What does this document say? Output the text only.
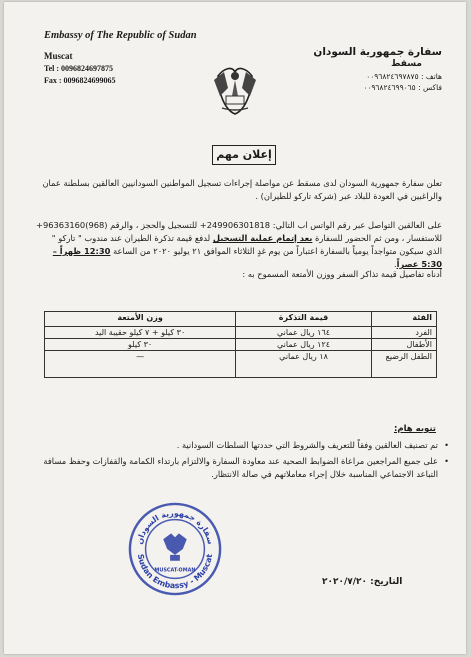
Embassy of The Republic of Sudan
Muscat
Tel : 0096824697875
Fax : 0096824699065
سفارة جمهورية السودان
مسقط
هاتف : ٠٠٩٦٨٢٤٦٩٧٨٧٥
فاكس : ٠٠٩٦٨٢٤٦٩٩٠٦٥
إعلان مهم
تعلن سفارة جمهورية السودان لدى مسقط عن مواصلة إجراءات تسجيل المواطنين السودانيين العالقين بسلطنة عمان والراغبين في العودة للبلاد عبر (شركة تاركو للطيران) .
على العالقين التواصل عبر رقم الواتس اب التالي: 249906301818+ للتسجيل والحجز ، والرقم (968)96363160+ للاستفسار ، ومن ثم الحضور للسفارة بعد إتمام عملية التسجيل لدفع قيمة تذكرة الطيران عند مندوب " تاركو " الذي سيكون متواجداً يومياً بالسفارة اعتباراً من يوم غدٍ الثلاثاء الموافق ٢١ يوليو ٢٠٢٠ من الساعة 12:30 ظهراً – 5:30 عصراً.
أدناه تفاصيل قيمة تذاكر السفر ووزن الأمتعة المسموح به :
الفئة	قيمة التذكرة	وزن الأمتعة
الفرد	١٦٤ ريال عماني	٣٠ كيلو + ٧ كيلو حقيبة اليد
الأطفال	١٢٤ ريال عماني	٣٠ كيلو
الطفل الرضيع	١٨ ريال عماني	—
تنويه هام:
• تم تصنيف العالقين وفقاً للتعريف والشروط التي حددتها السلطات السودانية .
• على جميع المراجعين مراعاة الضوابط الصحية عند معاودة السفارة والالتزام بارتداء الكمامة والقفازات وحفظ مسافة التباعد الاجتماعي المناسبة خلال إجراء معاملاتهم في صالة الانتظار.
سفارة جمهورية السودان
Sudan Embassy - Muscat
MUSCAT-OMAN
التاريخ: ٢٠٢٠/٧/٢٠
